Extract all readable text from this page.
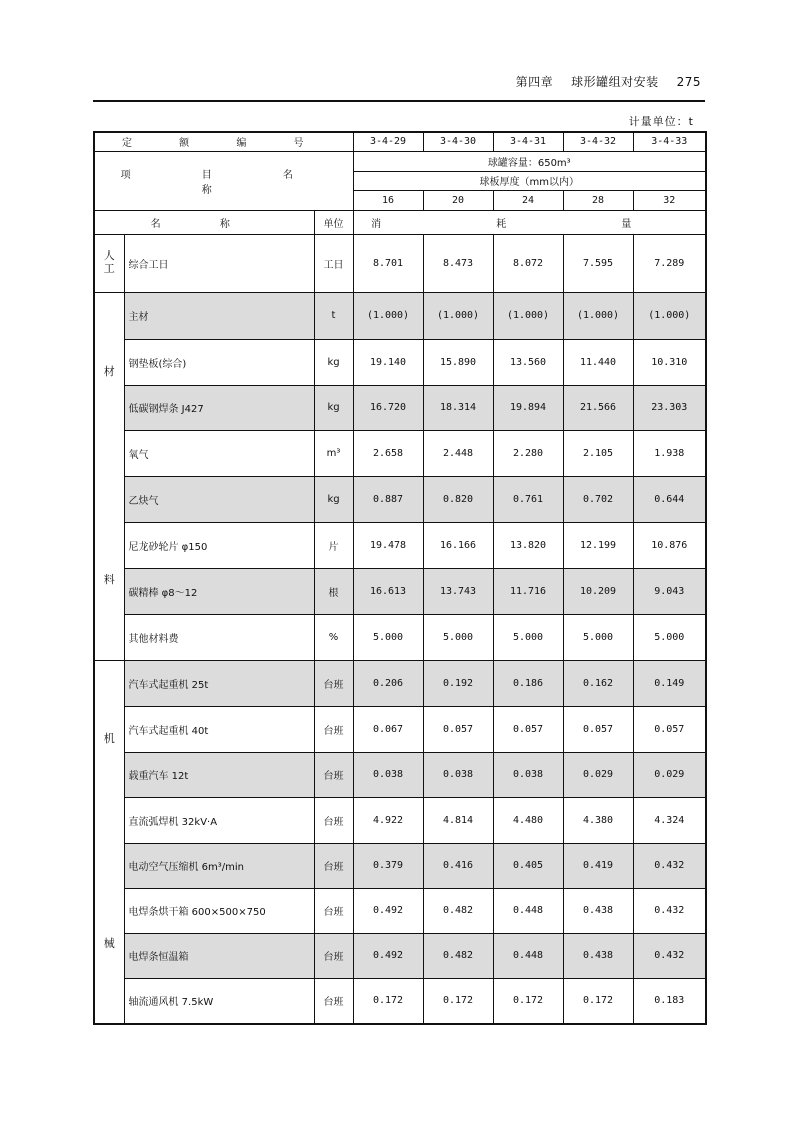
第四章 球形罐组对安装 275
计量单位：t
定 额 编 号			3-4-29	3-4-30	3-4-31	3-4-32	3-4-33
项 目 名 称			球罐容量：650m³				
			球板厚度（mm以内）				
			16	20	24	28	32
名 称		单位	消 耗 量				

人
工	综合工日	工日	8.701	8.473	8.072	7.595	7.289

材
料	主材	t	(1.000)	(1.000)	(1.000)	(1.000)	(1.000)
	钢垫板(综合)	kg	19.140	15.890	13.560	11.440	10.310
	低碳钢焊条 J427	kg	16.720	18.314	19.894	21.566	23.303
	氧气	m³	2.658	2.448	2.280	2.105	1.938
	乙炔气	kg	0.887	0.820	0.761	0.702	0.644
	尼龙砂轮片 φ150	片	19.478	16.166	13.820	12.199	10.876
	碳精棒 φ8～12	根	16.613	13.743	11.716	10.209	9.043
	其他材料费	%	5.000	5.000	5.000	5.000	5.000

机
械	汽车式起重机 25t	台班	0.206	0.192	0.186	0.162	0.149
	汽车式起重机 40t	台班	0.067	0.057	0.057	0.057	0.057
	载重汽车 12t	台班	0.038	0.038	0.038	0.029	0.029
	直流弧焊机 32kV·A	台班	4.922	4.814	4.480	4.380	4.324
	电动空气压缩机 6m³/min	台班	0.379	0.416	0.405	0.419	0.432
	电焊条烘干箱 600×500×750	台班	0.492	0.482	0.448	0.438	0.432
	电焊条恒温箱	台班	0.492	0.482	0.448	0.438	0.432
	轴流通风机 7.5kW	台班	0.172	0.172	0.172	0.172	0.183
